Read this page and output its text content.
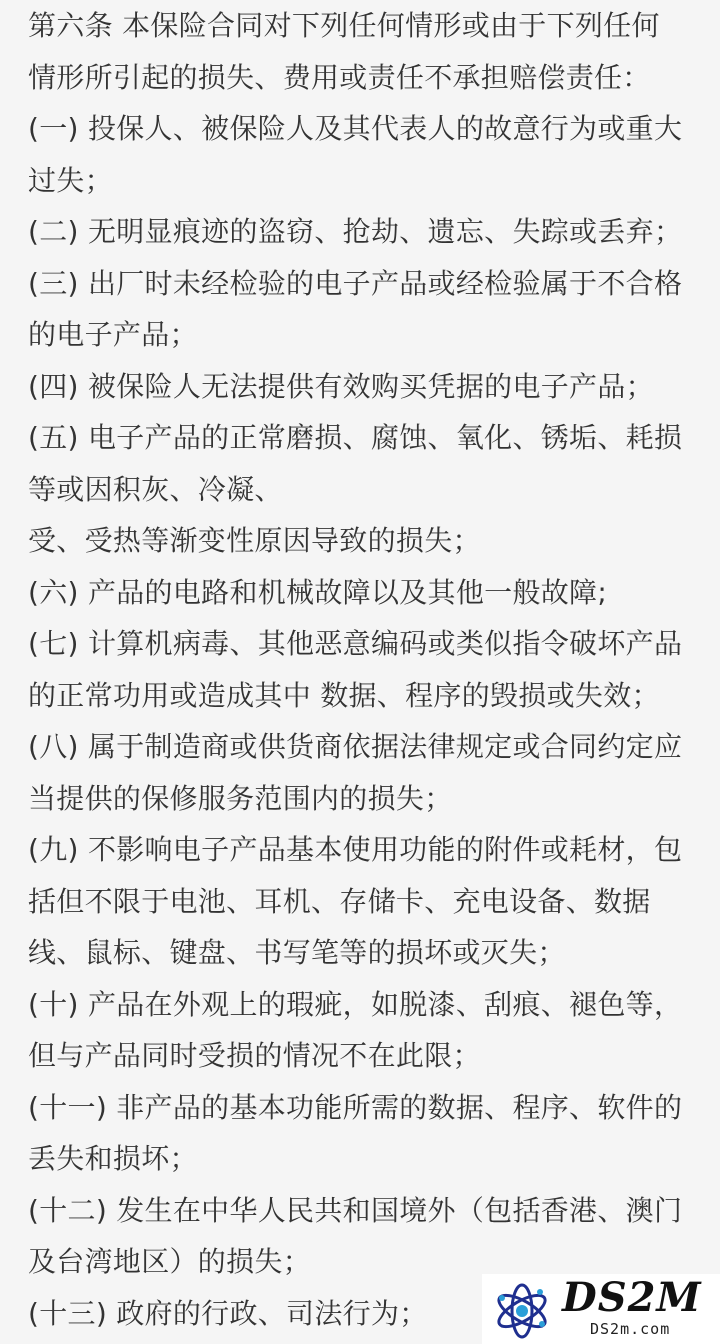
第六条 本保险合同对下列任何情形或由于下列任何
情形所引起的损失、费用或责任不承担赔偿责任：
(一) 投保人、被保险人及其代表人的故意行为或重大
过失；
(二) 无明显痕迹的盗窃、抢劫、遗忘、失踪或丢弃；
(三) 出厂时未经检验的电子产品或经检验属于不合格
的电子产品；
(四) 被保险人无法提供有效购买凭据的电子产品；
(五) 电子产品的正常磨损、腐蚀、氧化、锈垢、耗损
等或因积灰、冷凝、
受、受热等渐变性原因导致的损失；
(六) 产品的电路和机械故障以及其他一般故障;
(七) 计算机病毒、其他恶意编码或类似指令破坏产品
的正常功用或造成其中 数据、程序的毁损或失效；
(八) 属于制造商或供货商依据法律规定或合同约定应
当提供的保修服务范围内的损失；
(九) 不影响电子产品基本使用功能的附件或耗材，包
括但不限于电池、耳机、存储卡、充电设备、数据
线、鼠标、键盘、书写笔等的损坏或灭失；
(十) 产品在外观上的瑕疵，如脱漆、刮痕、褪色等，
但与产品同时受损的情况不在此限；
(十一) 非产品的基本功能所需的数据、程序、软件的
丢失和损坏；
(十二) 发生在中华人民共和国境外（包括香港、澳门
及台湾地区）的损失；
(十三) 政府的行政、司法行为；	DS2M
DS2m.com
